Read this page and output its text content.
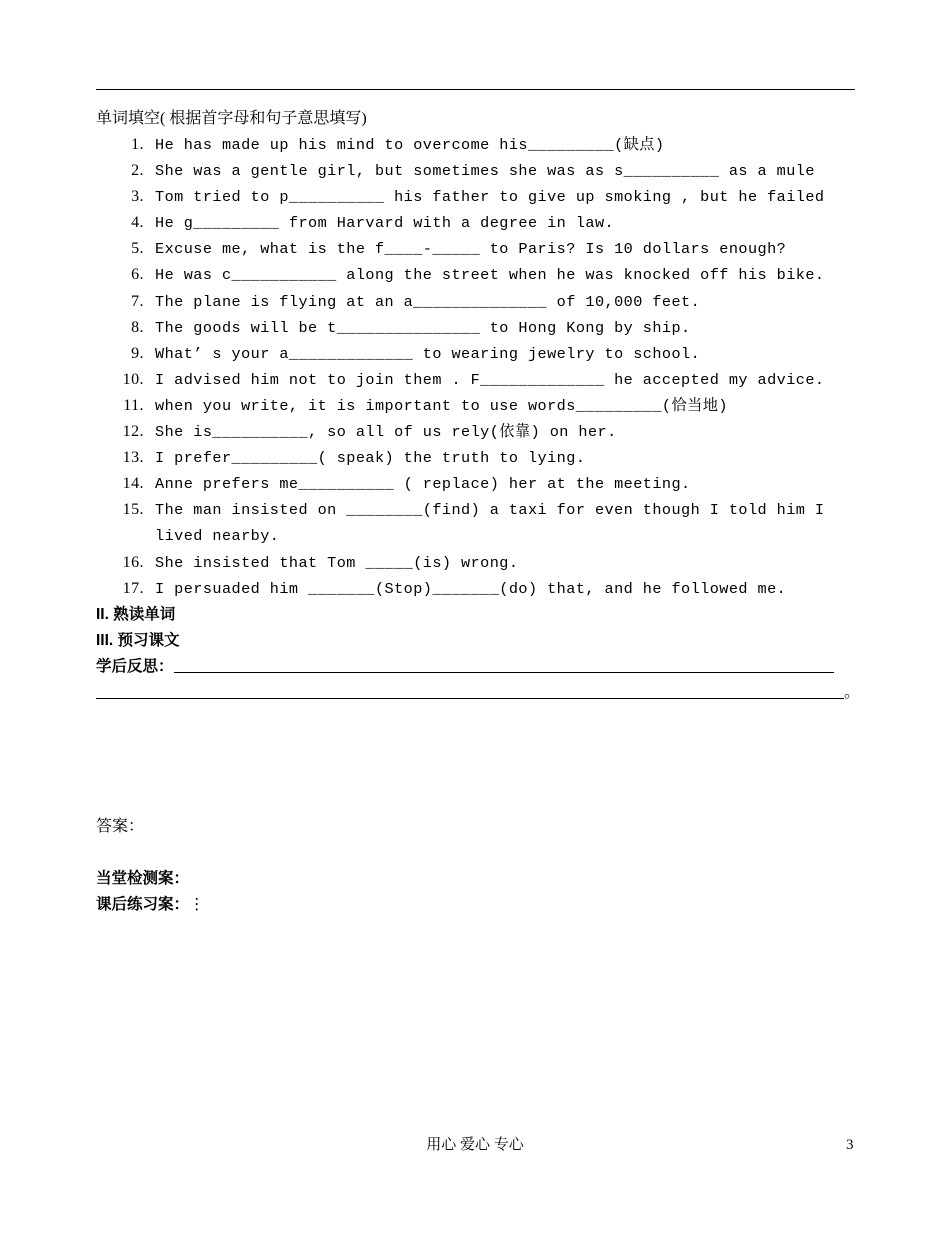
单词填空( 根据首字母和句子意思填写)
1. He has made up his mind to overcome his_________(缺点)
2. She was a gentle girl, but sometimes she was as s__________ as a mule
3. Tom tried to p__________ his father to give up smoking , but he failed
4. He g_________ from Harvard with a degree in law.
5. Excuse me, what is the f____-_____ to Paris? Is 10 dollars enough?
6. He was c___________ along the street when he was knocked off his bike.
7. The plane is flying at an a______________ of 10,000 feet.
8. The goods will be t_______________ to Hong Kong by ship.
9. What’ s your a_____________ to wearing jewelry to school.
10. I advised him not to join them . F_____________ he accepted my advice.
11. when you write, it is important to use words_________(恰当地)
12. She is__________, so all of us rely(依靠) on her.
13. I prefer_________( speak) the truth to lying.
14. Anne prefers me__________ ( replace) her at the meeting.
15. The man insisted on ________(find) a taxi for even though I told him I lived nearby.
16. She insisted that Tom _____(is) wrong.
17. I persuaded him _______(Stop)_______(do) that, and he followed me.
II. 熟读单词
III. 预习课文
学后反思：
。
答案：
当堂检测案：
课后练习案：⋮
用心 爱心 专心	3
